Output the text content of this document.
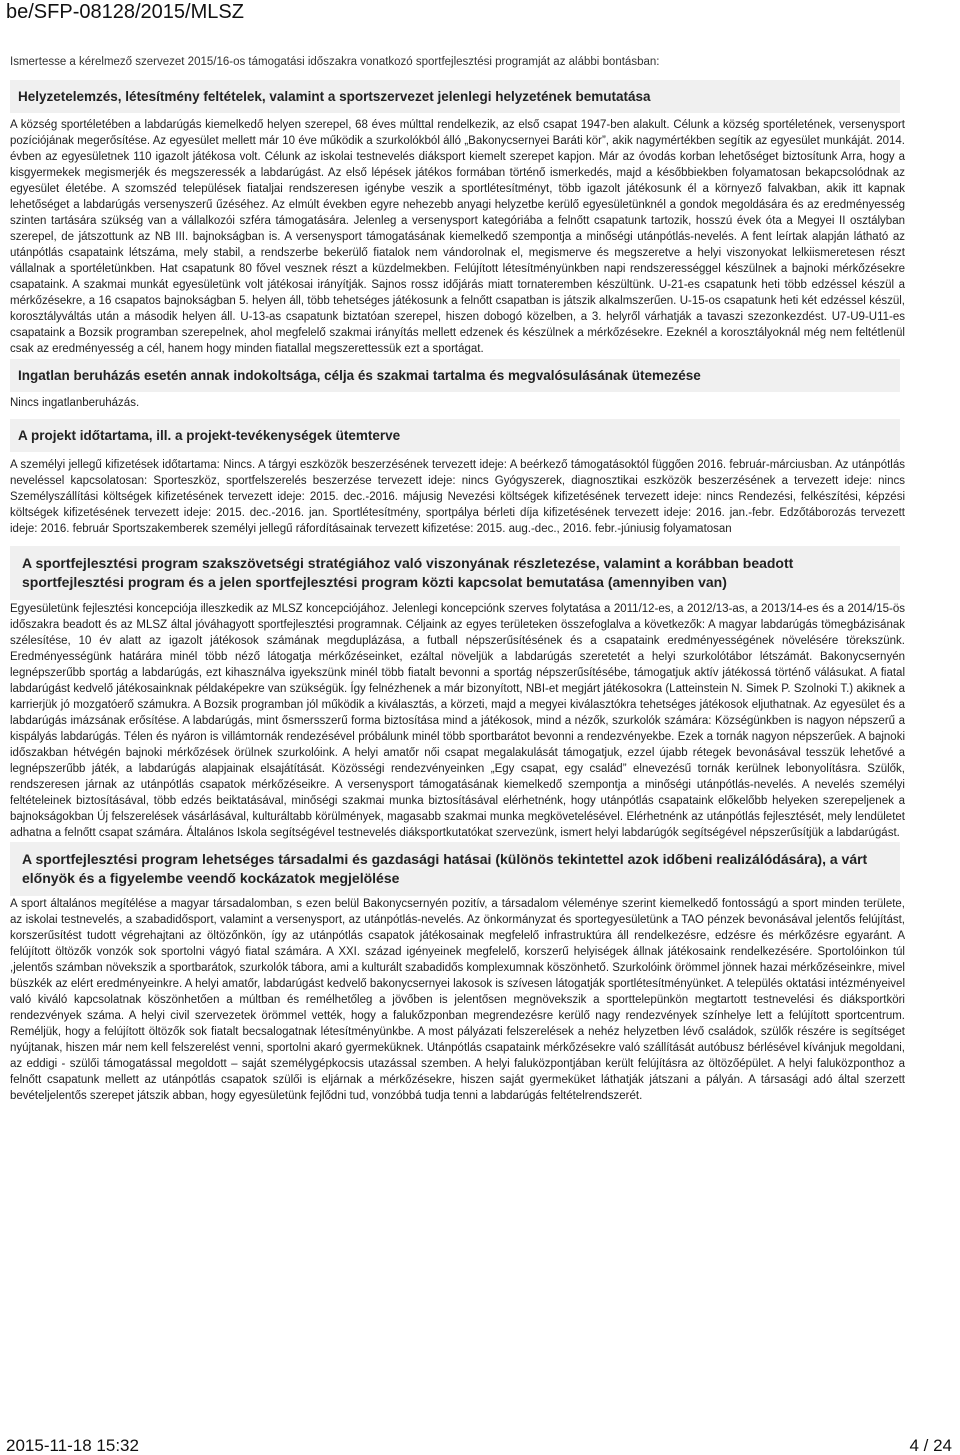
be/SFP-08128/2015/MLSZ
Ismertesse a kérelmező szervezet 2015/16-os támogatási időszakra vonatkozó sportfejlesztési programját az alábbi bontásban:
Helyzetelemzés, létesítmény feltételek, valamint a sportszervezet jelenlegi helyzetének bemutatása

A község sportéletében a labdarúgás kiemelkedő helyen szerepel, 68 éves múlttal rendelkezik, az első csapat 1947-ben alakult. Célunk a község sportéletének, versenysport pozíciójának megerősítése. Az egyesület mellett már 10 éve működik a szurkolókból álló „Bakonycsernyei Baráti kör”, akik nagymértékben segítik az egyesület munkáját. 2014. évben az egyesületnek 110 igazolt játékosa volt. Célunk az iskolai testnevelés diáksport kiemelt szerepet kapjon. Már az óvodás korban lehetőséget biztosítunk Arra, hogy a kisgyermekek megismerjék és megszeressék a labdarúgást. Az első lépések játékos formában történő ismerkedés, majd a későbbiekben folyamatosan bekapcsolódnak az egyesület életébe. A szomszéd települések fiataljai rendszeresen igénybe veszik a sportlétesítményt, több igazolt játékosunk él a környező falvakban, akik itt kapnak lehetőséget a labdarúgás versenyszerű űzéséhez. Az elmúlt években egyre nehezebb anyagi helyzetbe kerülő egyesületünknél a gondok megoldására és az eredményesség szinten tartására szükség van a vállalkozói szféra támogatására. Jelenleg a versenysport kategóriába a felnőtt csapatunk tartozik, hosszú évek óta a Megyei II osztályban szerepel, de játszottunk az NB III. bajnokságban is. A versenysport támogatásának kiemelkedő szempontja a minőségi utánpótlás-nevelés. A fent leírtak alapján látható az utánpótlás csapataink létszáma, mely stabil, a rendszerbe bekerülő fiatalok nem vándorolnak el, megismerve és megszeretve a helyi viszonyokat lelkiismeretesen részt vállalnak a sportéletünkben. Hat csapatunk 80 fővel vesznek részt a küzdelmekben. Felújított létesítményünkben napi rendszerességgel készülnek a bajnoki mérkőzésekre csapataink. A szakmai munkát egyesületünk volt játékosai irányítják. Sajnos rossz időjárás miatt tornateremben készültünk. U-21-es csapatunk heti több edzéssel készül a mérkőzésekre, a 16 csapatos bajnokságban 5. helyen áll, több tehetséges játékosunk a felnőtt csapatban is játszik alkalmszerűen. U-15-os csapatunk heti két edzéssel készül, korosztályváltás után a második helyen áll. U-13-as csapatunk biztatóan szerepel, hiszen dobogó közelben, a 3. helyről várhatják a tavaszi szezonkezdést. U7-U9-U11-es csapataink a Bozsik programban szerepelnek, ahol megfelelő szakmai irányítás mellett edzenek és készülnek a mérkőzésekre. Ezeknél a korosztályoknál még nem feltétlenül csak az eredményesség a cél, hanem hogy minden fiatallal megszerettessük ezt a sportágat.

Ingatlan beruházás esetén annak indokoltsága, célja és szakmai tartalma és megvalósulásának ütemezése

Nincs ingatlanberuházás.

A projekt időtartama, ill. a projekt-tevékenységek ütemterve

A személyi jellegű kifizetések időtartama: Nincs. A tárgyi eszközök beszerzésének tervezett ideje: A beérkező támogatásoktól függően 2016. február-márciusban. Az utánpótlás neveléssel kapcsolatosan: Sporteszköz, sportfelszerelés beszerzése tervezett ideje: nincs Gyógyszerek, diagnosztikai eszközök beszerzésének a tervezett ideje: nincs Személyszállítási költségek kifizetésének tervezett ideje: 2015. dec.-2016. májusig Nevezési költségek kifizetésének tervezett ideje: nincs Rendezési, felkészítési, képzési költségek kifizetésének tervezett ideje: 2015. dec.-2016. jan. Sportlétesítmény, sportpálya bérleti díja kifizetésének tervezett ideje: 2016. jan.-febr. Edzőtáborozás tervezett ideje: 2016. február Sportszakemberek személyi jellegű ráfordításainak tervezett kifizetése: 2015. aug.-dec., 2016. febr.-júniusig folyamatosan

A sportfejlesztési program szakszövetségi stratégiához való viszonyának részletezése, valamint a korábban beadott sportfejlesztési program és a jelen sportfejlesztési program közti kapcsolat bemutatása (amennyiben van)

Egyesületünk fejlesztési koncepciója illeszkedik az MLSZ koncepciójához. Jelenlegi koncepciónk szerves folytatása a 2011/12-es, a 2012/13-as, a 2013/14-es és a 2014/15-ös időszakra beadott és az MLSZ által jóváhagyott sportfejlesztési programnak. Céljaink az egyes területeken összefoglalva a következők: A magyar labdarúgás tömegbázisának szélesítése, 10 év alatt az igazolt játékosok számának megduplázása, a futball népszerűsítésének és a csapataink eredményességének növelésére törekszünk. Eredményességünk határára minél több néző látogatja mérkőzéseinket, ezáltal növeljük a labdarúgás szeretetét a helyi szurkolótábor létszámát. Bakonycsernyén legnépszerűbb sportág a labdarúgás, ezt kihasználva igyekszünk minél több fiatalt bevonni a sportág népszerűsítésébe, támogatjuk aktív játékossá történő válásukat. A fiatal labdarúgást kedvelő játékosainknak példaképekre van szükségük. Így felnézhenek a már bizonyított, NBI-et megjárt játékosokra (Latteinstein N. Simek P. Szolnoki T.) akiknek a karrierjük jó mozgatóerő számukra. A Bozsik programban jól működik a kiválasztás, a körzeti, majd a megyei kiválasztókra tehetséges játékosok eljuthatnak. Az egyesület és a labdarúgás imázsának erősítése. A labdarúgás, mint ősmersszerű forma biztosítása mind a játékosok, mind a nézők, szurkolók számára: Községünkben is nagyon népszerű a kispályás labdarúgás. Télen és nyáron is villámtornák rendezésével próbálunk minél több sportbarátot bevonni a rendezvényekbe. Ezek a tornák nagyon népszerűek. A bajnoki időszakban hétvégén bajnoki mérkőzések örülnek szurkolóink. A helyi amatőr női csapat megalakulását támogatjuk, ezzel újabb rétegek bevonásával tesszük lehetővé a legnépszerűbb játék, a labdarúgás alapjainak elsajátítását. Közösségi rendezvényeinken „Egy csapat, egy család” elnevezésű tornák kerülnek lebonyolításra. Szülők, rendszeresen járnak az utánpótlás csapatok mérkőzéseikre. A versenysport támogatásának kiemelkedő szempontja a minőségi utánpótlás-nevelés. A nevelés személyi feltételeinek biztosításával, több edzés beiktatásával, minőségi szakmai munka biztosításával elérhetnénk, hogy utánpótlás csapataink előkelőbb helyeken szerepeljenek a bajnokságokban Új felszerelések vásárlásával, kulturáltabb körülmények, magasabb szakmai munka megkövetelésével. Elérhetnénk az utánpótlás fejlesztését, mely lendületet adhatna a felnőtt csapat számára. Általános Iskola segítségével testnevelés diáksportkutatókat szervezünk, ismert helyi labdarúgók segítségével népszerűsítjük a labdarúgást.

A sportfejlesztési program lehetséges társadalmi és gazdasági hatásai (különös tekintettel azok időbeni realizálódására), a várt előnyök és a figyelembe veendő kockázatok megjelölése

A sport általános megítélése a magyar társadalomban, s ezen belül Bakonycsernyén pozitív, a társadalom véleménye szerint kiemelkedő fontosságú a sport minden területe, az iskolai testnevelés, a szabadidősport, valamint a versenysport, az utánpótlás-nevelés. Az önkormányzat és sportegyesületünk a TAO pénzek bevonásával jelentős felújítást, korszerűsítést tudott végrehajtani az öltözőnkön, így az utánpótlás csapatok játékosainak megfelelő infrastruktúra áll rendelkezésre, edzésre és mérkőzésre egyaránt. A felújított öltözők vonzók sok sportolni vágyó fiatal számára. A XXI. század igényeinek megfelelő, korszerű helyiségek állnak játékosaink rendelkezésére. Sportolóinkon túl ,jelentős számban növekszik a sportbarátok, szurkolók tábora, ami a kulturált szabadidős komplexumnak köszönhető. Szurkolóink örömmel jönnek hazai mérkőzéseinkre, mivel büszkék az elért eredményeinkre. A helyi amatőr, labdarúgást kedvelő bakonycsernyei lakosok is szívesen látogatják sportlétesítményünket. A település oktatási intézményeivel való kiváló kapcsolatnak köszönhetően a múltban és remélhetőleg a jövőben is jelentősen megnövekszik a sporttelepünkön megtartott testnevelési és diáksportköri rendezvények száma. A helyi civil szervezetek örömmel vették, hogy a falukőzponban megrendezésre kerülő nagy rendezvények színhelye lett a felújított sportcentrum. Reméljük, hogy a felújított öltözők sok fiatalt becsalogatnak létesítményünkbe. A most pályázati felszerelések a nehéz helyzetben lévő családok, szülők részére is segítséget nyújtanak, hiszen már nem kell felszerelést venni, sportolni akaró gyermeküknek. Utánpótlás csapataink mérkőzésekre való szállítását autóbusz bérlésével kívánjuk megoldani, az eddigi - szülői támogatással megoldott – saját személygépkocsis utazással szemben. A helyi faluközpontjában került felújításra az öltözőépület. A helyi faluközponthoz a felnőtt csapatunk mellett az utánpótlás csapatok szülői is eljárnak a mérkőzésekre, hiszen saját gyermeküket láthatják játszani a pályán. A társasági adó által szerzett bevételjelentős szerepet játszik abban, hogy egyesületünk fejlődni tud, vonzóbbá tudja tenni a labdarúgás feltételrendszerét.

2015-11-18 15:32	4 / 24
